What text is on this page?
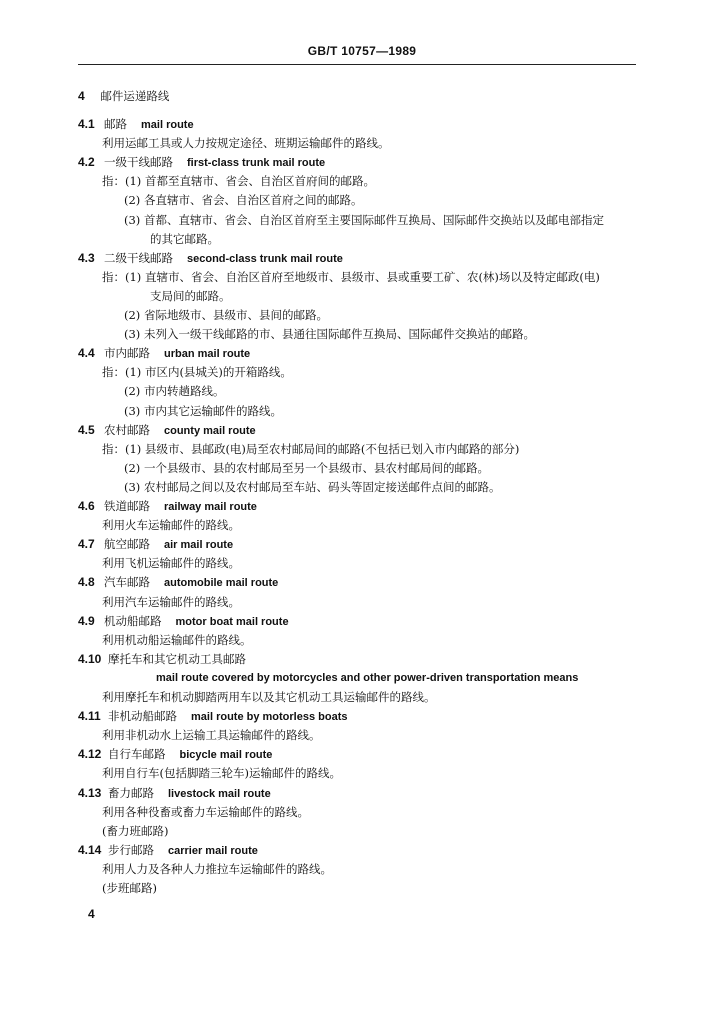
GB/T 10757—1989
4 邮件运递路线
4.1 邮路 mail route
利用运邮工具或人力按规定途径、班期运输邮件的路线。
4.2 一级干线邮路 first-class trunk mail route
指：(1) 首都至直辖市、省会、自治区首府间的邮路。
(2) 各直辖市、省会、自治区首府之间的邮路。
(3) 首都、直辖市、省会、自治区首府至主要国际邮件互换局、国际邮件交换站以及邮电部指定
的其它邮路。
4.3 二级干线邮路 second-class trunk mail route
指：(1) 直辖市、省会、自治区首府至地级市、县级市、县或重要工矿、农(林)场以及特定邮政(电)
支局间的邮路。
(2) 省际地级市、县级市、县间的邮路。
(3) 未列入一级干线邮路的市、县通往国际邮件互换局、国际邮件交换站的邮路。
4.4 市内邮路 urban mail route
指：(1) 市区内(县城关)的开箱路线。
(2) 市内转趟路线。
(3) 市内其它运输邮件的路线。
4.5 农村邮路 county mail route
指：(1) 县级市、县邮政(电)局至农村邮局间的邮路(不包括已划入市内邮路的部分)
(2) 一个县级市、县的农村邮局至另一个县级市、县农村邮局间的邮路。
(3) 农村邮局之间以及农村邮局至车站、码头等固定接送邮件点间的邮路。
4.6 铁道邮路 railway mail route
利用火车运输邮件的路线。
4.7 航空邮路 air mail route
利用飞机运输邮件的路线。
4.8 汽车邮路 automobile mail route
利用汽车运输邮件的路线。
4.9 机动船邮路 motor boat mail route
利用机动船运输邮件的路线。
4.10 摩托车和其它机动工具邮路
mail route covered by motorcycles and other power-driven transportation means
利用摩托车和机动脚踏两用车以及其它机动工具运输邮件的路线。
4.11 非机动船邮路 mail route by motorless boats
利用非机动水上运输工具运输邮件的路线。
4.12 自行车邮路 bicycle mail route
利用自行车(包括脚踏三轮车)运输邮件的路线。
4.13 畜力邮路 livestock mail route
利用各种役畜或畜力车运输邮件的路线。
(畜力班邮路)
4.14 步行邮路 carrier mail route
利用人力及各种人力推拉车运输邮件的路线。
(步班邮路)
4
